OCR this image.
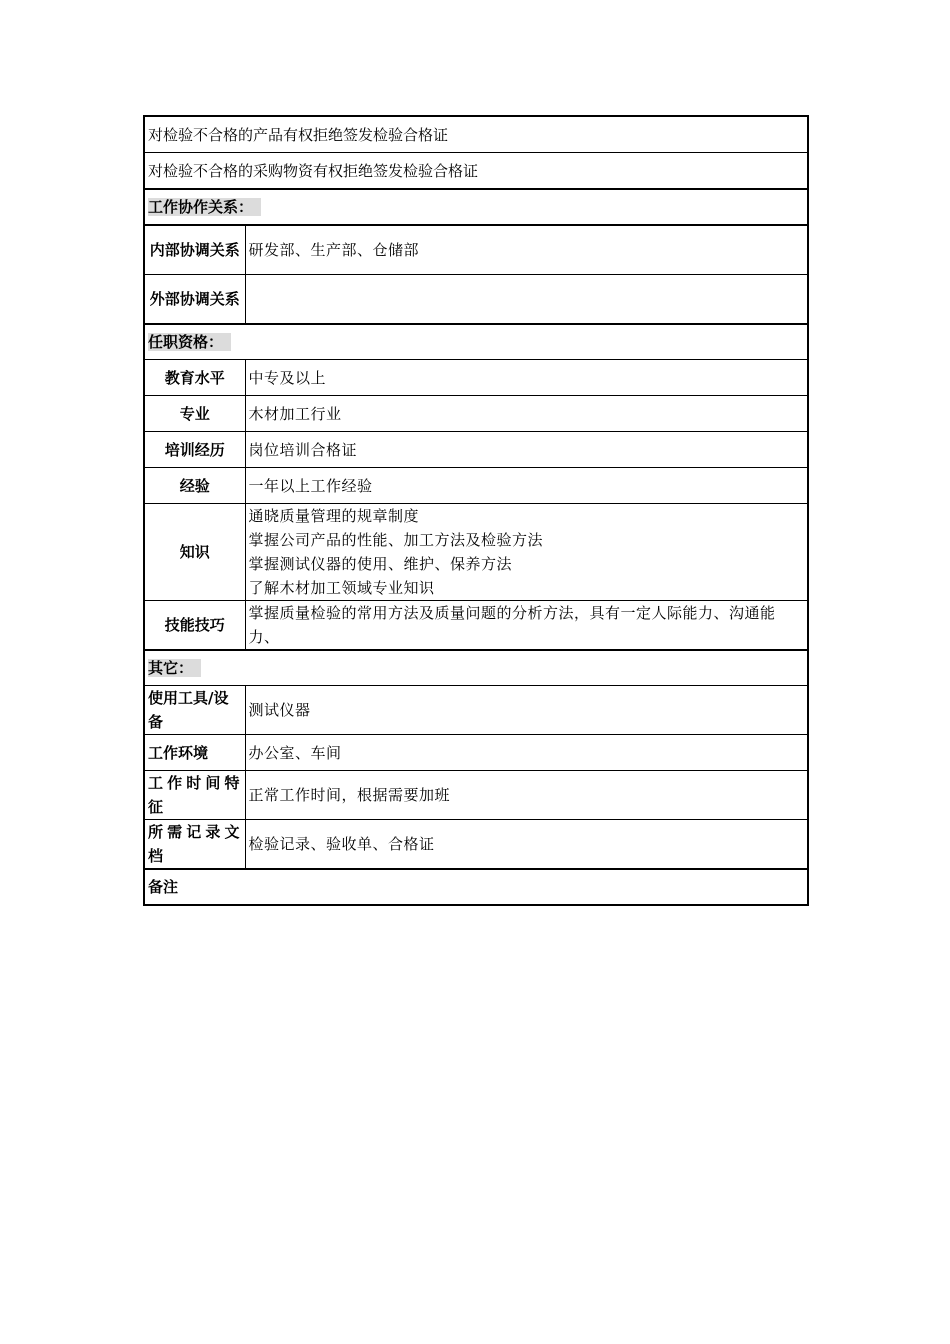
对检验不合格的产品有权拒绝签发检验合格证	
对检验不合格的采购物资有权拒绝签发检验合格证	
工作协作关系：	
内部协调关系	研发部、生产部、仓储部
外部协调关系	
任职资格：	
教育水平	中专及以上
专业	木材加工行业
培训经历	岗位培训合格证
经验	一年以上工作经验
知识	通晓质量管理的规章制度
掌握公司产品的性能、加工方法及检验方法
掌握测试仪器的使用、维护、保养方法
了解木材加工领域专业知识

技能技巧	掌握质量检验的常用方法及质量问题的分析方法，具有一定人际能力、沟通能力、
其它：	
使用工具/设备	测试仪器
工作环境	办公室、车间
工作时间特征	正常工作时间，根据需要加班
所需记录文档	检验记录、验收单、合格证
备注	
